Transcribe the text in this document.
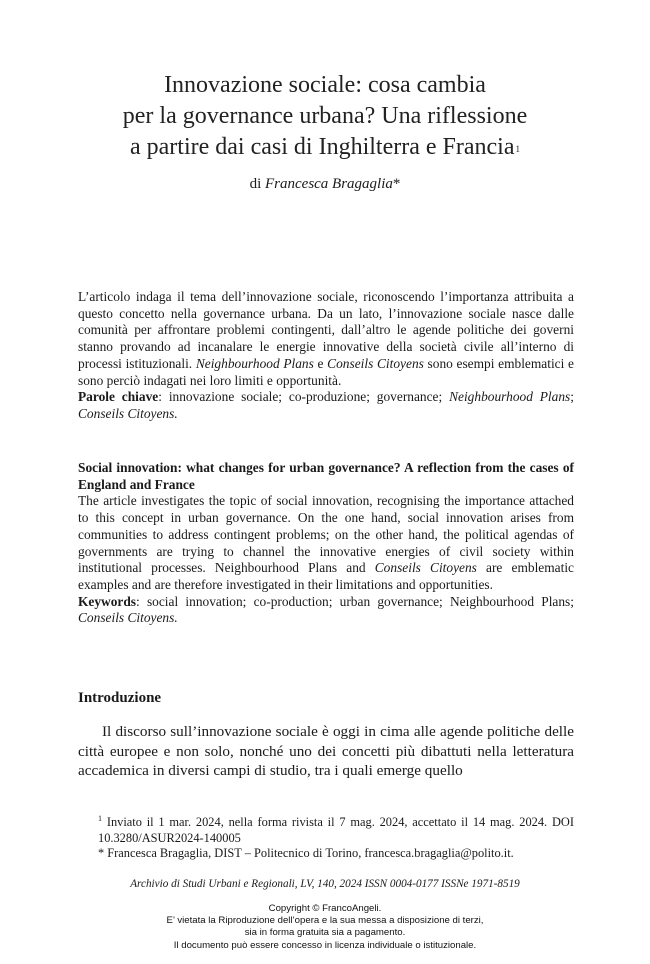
Innovazione sociale: cosa cambia
per la governance urbana? Una riflessione
a partire dai casi di Inghilterra e Francia$^1$
di Francesca Bragaglia*

L’articolo indaga il tema dell’innovazione sociale, riconoscendo l’importanza attribuita a questo concetto nella governance urbana. Da un lato, l’innovazione sociale nasce dalle comunità per affrontare problemi contingenti, dall’altro le agende politiche dei governi stanno provando ad incanalare le energie innovative della società civile all’interno di processi istituzionali. Neighbourhood Plans e Conseils Citoyens sono esempi emblematici e sono perciò indagati nei loro limiti e opportunità.

Parole chiave: innovazione sociale; co-produzione; governance; Neighbourhood Plans; Conseils Citoyens.

Social innovation: what changes for urban governance? A reflection from the cases of England and France

The article investigates the topic of social innovation, recognising the importance attached to this concept in urban governance. On the one hand, social innovation arises from communities to address contingent problems; on the other hand, the political agendas of governments are trying to channel the innovative energies of civil society within institutional processes. Neighbourhood Plans and Conseils Citoyens are emblematic examples and are therefore investigated in their limitations and opportunities.

Keywords: social innovation; co-production; urban governance; Neighbourhood Plans; Conseils Citoyens.

Introduzione

Il discorso sull’innovazione sociale è oggi in cima alle agende politiche delle città europee e non solo, nonché uno dei concetti più dibattuti nella letteratura accademica in diversi campi di studio, tra i quali emerge quello

$^1$ Inviato il 1 mar. 2024, nella forma rivista il 7 mag. 2024, accettato il 14 mag. 2024. DOI 10.3280/ASUR2024-140005

* Francesca Bragaglia, DIST – Politecnico di Torino, francesca.bragaglia@polito.it.

Archivio di Studi Urbani e Regionali, LV, 140, 2024 ISSN 0004-0177 ISSNe 1971-8519
Copyright © FrancoAngeli.
E’ vietata la Riproduzione dell’opera e la sua messa a disposizione di terzi,
sia in forma gratuita sia a pagamento.
Il documento può essere concesso in licenza individuale o istituzionale.
